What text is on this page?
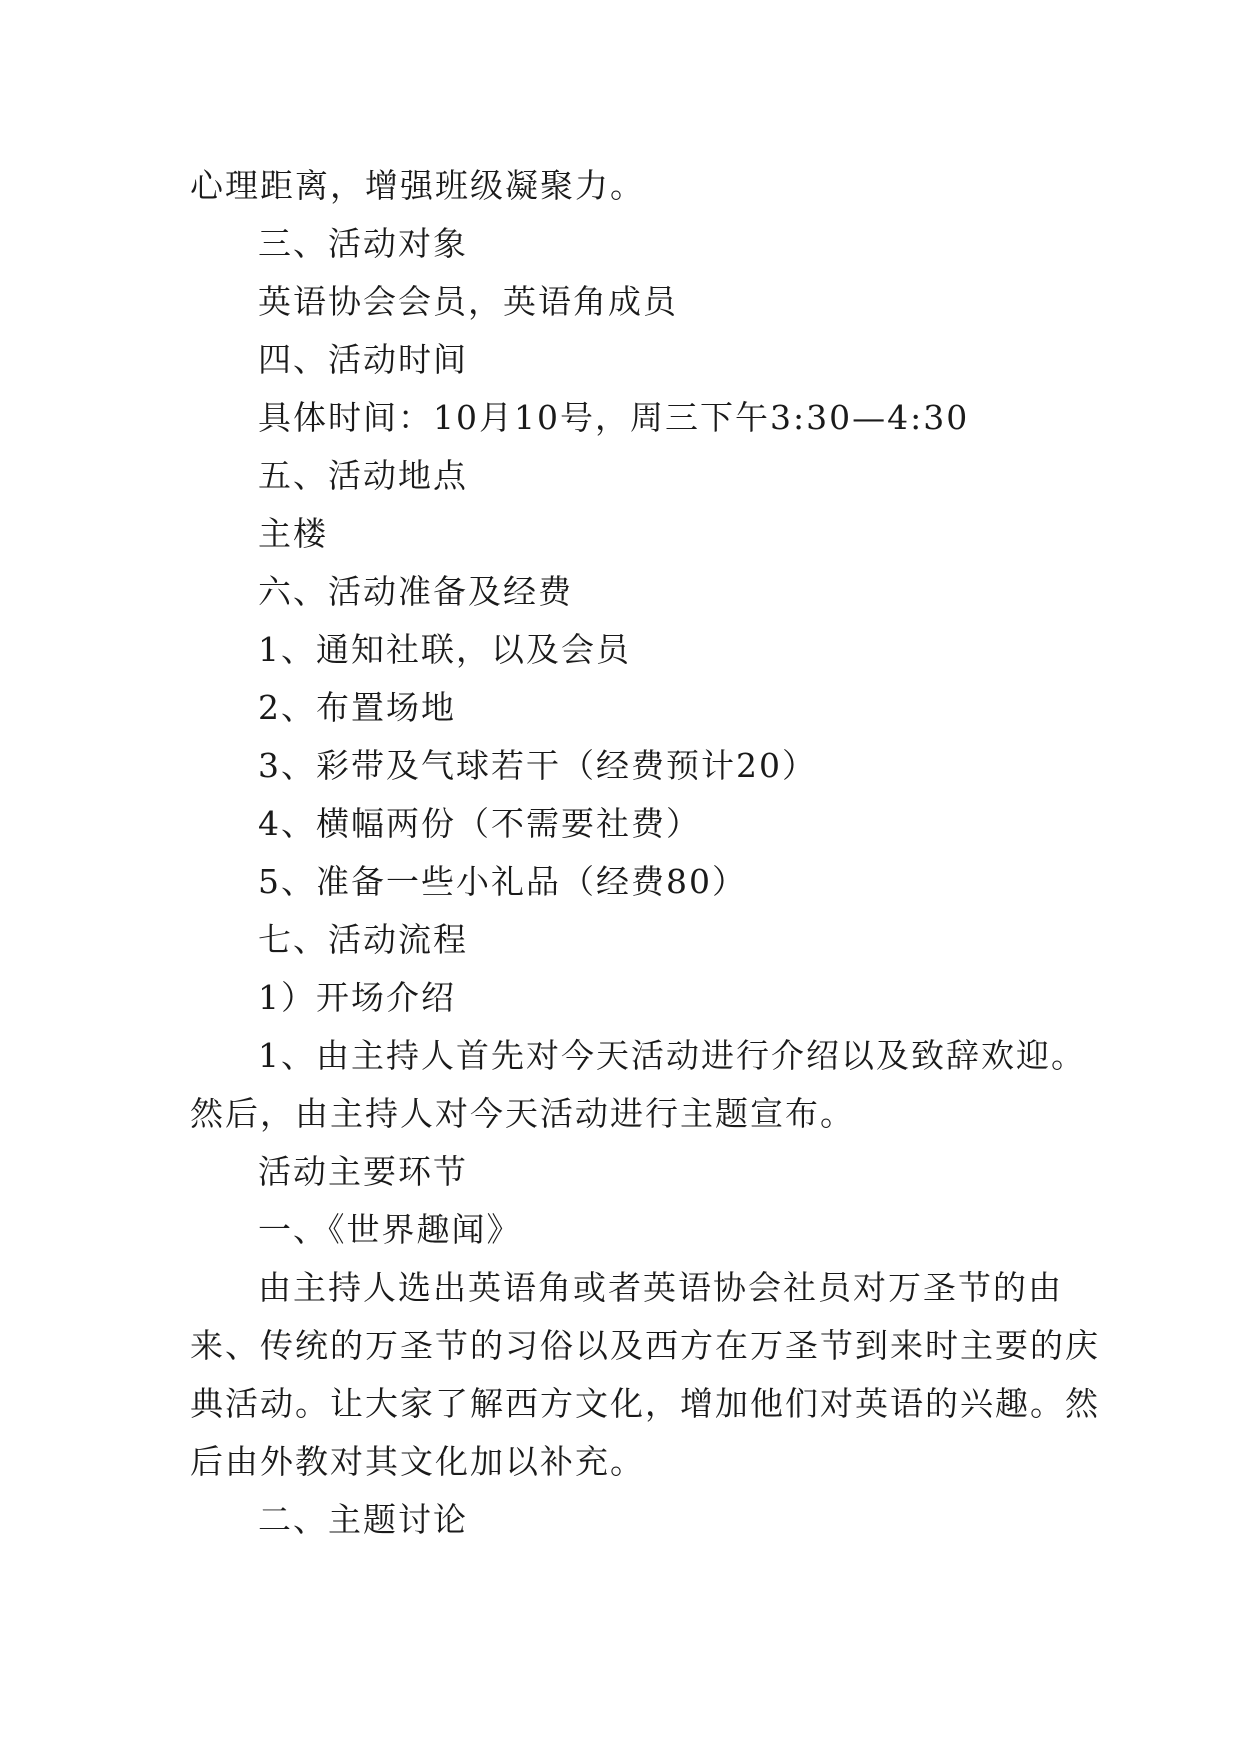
心理距离，增强班级凝聚力。
三、活动对象
英语协会会员，英语角成员
四、活动时间
具体时间：10月10号，周三下午3:30—4:30
五、活动地点
主楼
六、活动准备及经费
1、通知社联，以及会员
2、布置场地
3、彩带及气球若干（经费预计20）
4、横幅两份（不需要社费）
5、准备一些小礼品（经费80）
七、活动流程
1）开场介绍
1、由主持人首先对今天活动进行介绍以及致辞欢迎。
然后，由主持人对今天活动进行主题宣布。
活动主要环节
一、《世界趣闻》
由主持人选出英语角或者英语协会社员对万圣节的由
来、传统的万圣节的习俗以及西方在万圣节到来时主要的庆
典活动。让大家了解西方文化，增加他们对英语的兴趣。然
后由外教对其文化加以补充。
二、主题讨论
